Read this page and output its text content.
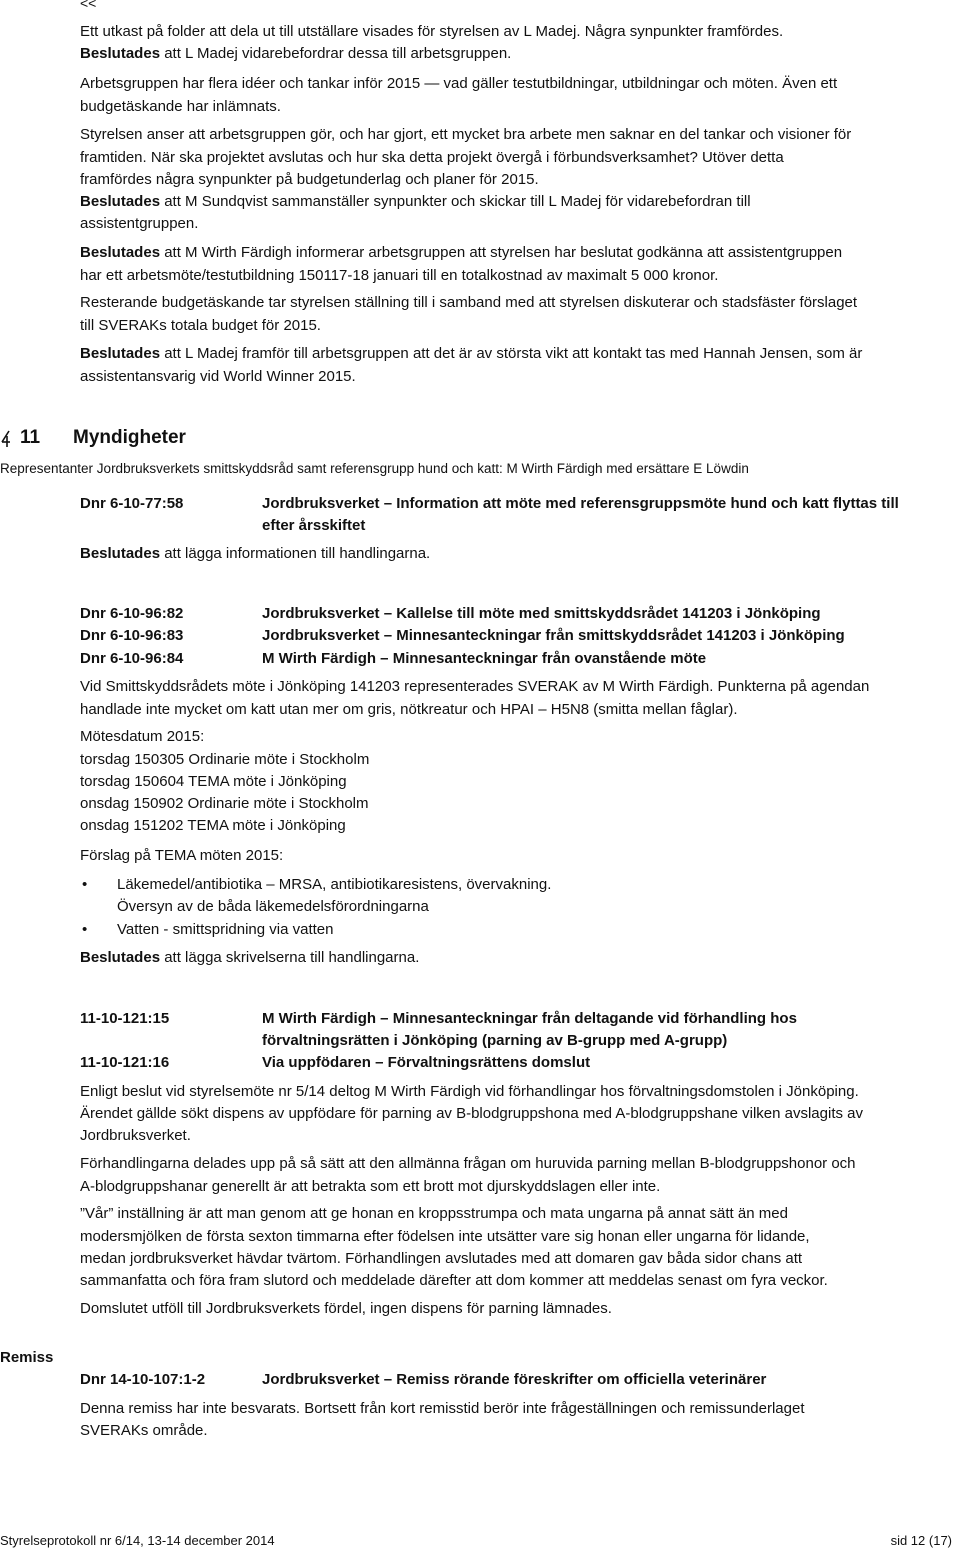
<<
Ett utkast på folder att dela ut till utställare visades för styrelsen av L Madej. Några synpunkter framfördes.
Beslutades att L Madej vidarebefordrar dessa till arbetsgruppen.
Arbetsgruppen har flera idéer och tankar inför 2015 — vad gäller testutbildningar, utbildningar och möten. Även ett
budgetäskande har inlämnats.
Styrelsen anser att arbetsgruppen gör, och har gjort, ett mycket bra arbete men saknar en del tankar och visioner för
framtiden. När ska projektet avslutas och hur ska detta projekt övergå i förbundsverksamhet? Utöver detta
framfördes några synpunkter på budgetunderlag och planer för 2015.
Beslutades att M Sundqvist sammanställer synpunkter och skickar till L Madej för vidarebefordran till
assistentgruppen.
Beslutades att M Wirth Färdigh informerar arbetsgruppen att styrelsen har beslutat godkänna att assistentgruppen
har ett arbetsmöte/testutbildning 150117-18 januari till en totalkostnad av maximalt 5 000 kronor.
Resterande budgetäskande tar styrelsen ställning till i samband med att styrelsen diskuterar och stadsfäster förslaget
till SVERAKs totala budget för 2015.
Beslutades att L Madej framför till arbetsgruppen att det är av största vikt att kontakt tas med Hannah Jensen, som är
assistentansvarig vid World Winner 2015.
11	Myndigheter
Representanter Jordbruksverkets smittskyddsråd samt referensgrupp hund och katt: M Wirth Färdigh med ersättare E Löwdin
Dnr 6-10-77:58	Jordbruksverket – Information att möte med referensgruppsmöte hund och katt flyttas till
efter årsskiftet
Beslutades att lägga informationen till handlingarna.
Dnr 6-10-96:82	Jordbruksverket – Kallelse till möte med smittskyddsrådet 141203 i Jönköping
Dnr 6-10-96:83	Jordbruksverket – Minnesanteckningar från smittskyddsrådet 141203 i Jönköping
Dnr 6-10-96:84	M Wirth Färdigh – Minnesanteckningar från ovanstående möte
Vid Smittskyddsrådets möte i Jönköping 141203 representerades SVERAK av M Wirth Färdigh. Punkterna på agendan
handlade inte mycket om katt utan mer om gris, nötkreatur och HPAI – H5N8 (smitta mellan fåglar).
Mötesdatum 2015:
torsdag 150305 Ordinarie möte i Stockholm
torsdag 150604 TEMA möte i Jönköping
onsdag 150902 Ordinarie möte i Stockholm
onsdag 151202 TEMA möte i Jönköping
Förslag på TEMA möten 2015:
• Läkemedel/antibiotika – MRSA, antibiotikaresistens, övervakning.
Översyn av de båda läkemedelsförordningarna
• Vatten - smittspridning via vatten
Beslutades att lägga skrivelserna till handlingarna.
11-10-121:15	M Wirth Färdigh – Minnesanteckningar från deltagande vid förhandling hos
förvaltningsrätten i Jönköping (parning av B-grupp med A-grupp)
11-10-121:16	Via uppfödaren – Förvaltningsrättens domslut
Enligt beslut vid styrelsemöte nr 5/14 deltog M Wirth Färdigh vid förhandlingar hos förvaltningsdomstolen i Jönköping.
Ärendet gällde sökt dispens av uppfödare för parning av B-blodgruppshona med A-blodgruppshane vilken avslagits av
Jordbruksverket.
Förhandlingarna delades upp på så sätt att den allmänna frågan om huruvida parning mellan B-blodgruppshonor och
A-blodgruppshanar generellt är att betrakta som ett brott mot djurskyddslagen eller inte.
”Vår” inställning är att man genom att ge honan en kroppsstrumpa och mata ungarna på annat sätt än med
modersmjölken de första sexton timmarna efter födelsen inte utsätter vare sig honan eller ungarna för lidande,
medan jordbruksverket hävdar tvärtom. Förhandlingen avslutades med att domaren gav båda sidor chans att
sammanfatta och föra fram slutord och meddelade därefter att dom kommer att meddelas senast om fyra veckor.
Domslutet utföll till Jordbruksverkets fördel, ingen dispens för parning lämnades.
Remiss
Dnr 14-10-107:1-2	Jordbruksverket – Remiss rörande föreskrifter om officiella veterinärer
Denna remiss har inte besvarats. Bortsett från kort remisstid berör inte frågeställningen och remissunderlaget
SVERAKs område.
Styrelseprotokoll nr 6/14, 13-14 december 2014	sid 12 (17)
